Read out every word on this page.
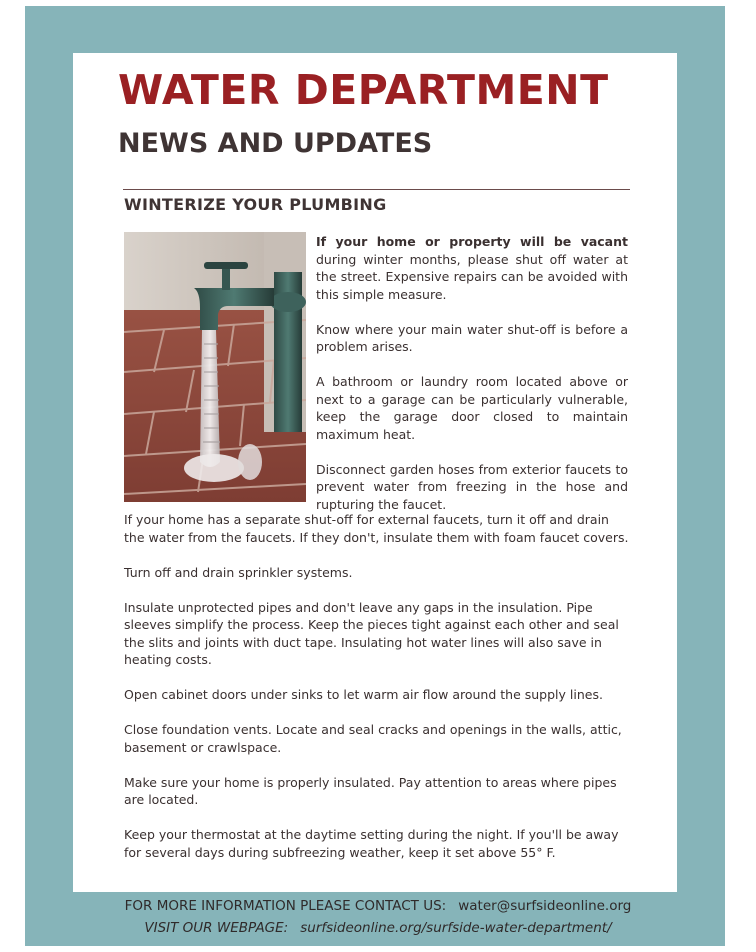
WATER DEPARTMENT
NEWS AND UPDATES
WINTERIZE YOUR PLUMBING

If your home or property will be vacant during winter months, please shut off water at the street. Expensive repairs can be avoided with this simple measure.

Know where your main water shut-off is before a problem arises.

A bathroom or laundry room located above or next to a garage can be particularly vulnerable, keep the garage door closed to maintain maximum heat.

Disconnect garden hoses from exterior faucets to prevent water from freezing in the hose and rupturing the faucet.

If your home has a separate shut-off for external faucets, turn it off and drain the water from the faucets. If they don't, insulate them with foam faucet covers.

Turn off and drain sprinkler systems.

Insulate unprotected pipes and don't leave any gaps in the insulation. Pipe sleeves simplify the process. Keep the pieces tight against each other and seal the slits and joints with duct tape. Insulating hot water lines will also save in heating costs.

Open cabinet doors under sinks to let warm air flow around the supply lines.

Close foundation vents. Locate and seal cracks and openings in the walls, attic, basement or crawlspace.

Make sure your home is properly insulated. Pay attention to areas where pipes are located.

Keep your thermostat at the daytime setting during the night. If you'll be away for several days during subfreezing weather, keep it set above 55° F.

FOR MORE INFORMATION PLEASE CONTACT US: water@surfsideonline.org
VISIT OUR WEBPAGE: surfsideonline.org/surfside-water-department/
